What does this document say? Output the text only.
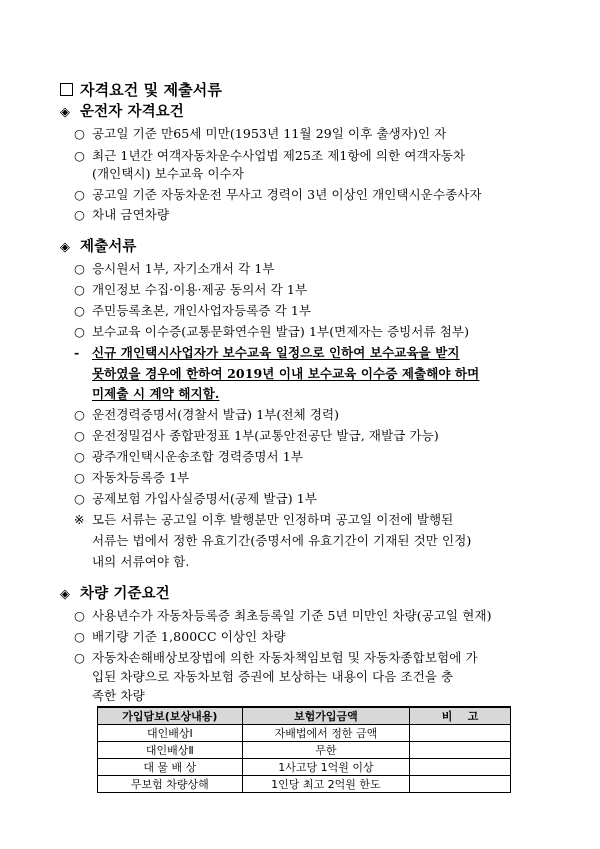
자격요건 및 제출서류
◈ 운전자 자격요건
○ 공고일 기준 만65세 미만(1953년 11월 29일 이후 출생자)인 자
○ 최근 1년간 여객자동차운수사업법 제25조 제1항에 의한 여객자동차
(개인택시) 보수교육 이수자
○ 공고일 기준 자동차운전 무사고 경력이 3년 이상인 개인택시운수종사자
○ 차내 금연차량
◈ 제출서류
○ 응시원서 1부, 자기소개서 각 1부
○ 개인정보 수집·이용·제공 동의서 각 1부
○ 주민등록초본, 개인사업자등록증 각 1부
○ 보수교육 이수증(교통문화연수원 발급) 1부(면제자는 증빙서류 첨부)
- 신규 개인택시사업자가 보수교육 일정으로 인하여 보수교육을 받지
못하였을 경우에 한하여 2019년 이내 보수교육 이수증 제출해야 하며
미제출 시 계약 해지함.
○ 운전경력증명서(경찰서 발급) 1부(전체 경력)
○ 운전정밀검사 종합판정표 1부(교통안전공단 발급, 재발급 가능)
○ 광주개인택시운송조합 경력증명서 1부
○ 자동차등록증 1부
○ 공제보험 가입사실증명서(공제 발급) 1부
※ 모든 서류는 공고일 이후 발행분만 인정하며 공고일 이전에 발행된
서류는 법에서 정한 유효기간(증명서에 유효기간이 기재된 것만 인정)
내의 서류여야 함.
◈ 차량 기준요건
○ 사용년수가 자동차등록증 최초등록일 기준 5년 미만인 차량(공고일 현재)
○ 배기량 기준 1,800CC 이상인 차량
○ 자동차손해배상보장법에 의한 자동차책임보험 및 자동차종합보험에 가
입된 차량으로 자동차보험 증권에 보상하는 내용이 다음 조건을 충
족한 차량
가입담보(보상내용)	보험가입금액	비    고
대인배상Ⅰ	자배법에서 정한 금액	
대인배상Ⅱ	무한	
대 물 배 상	1사고당 1억원 이상	
무보험 차량상해	1인당 최고 2억원 한도	
